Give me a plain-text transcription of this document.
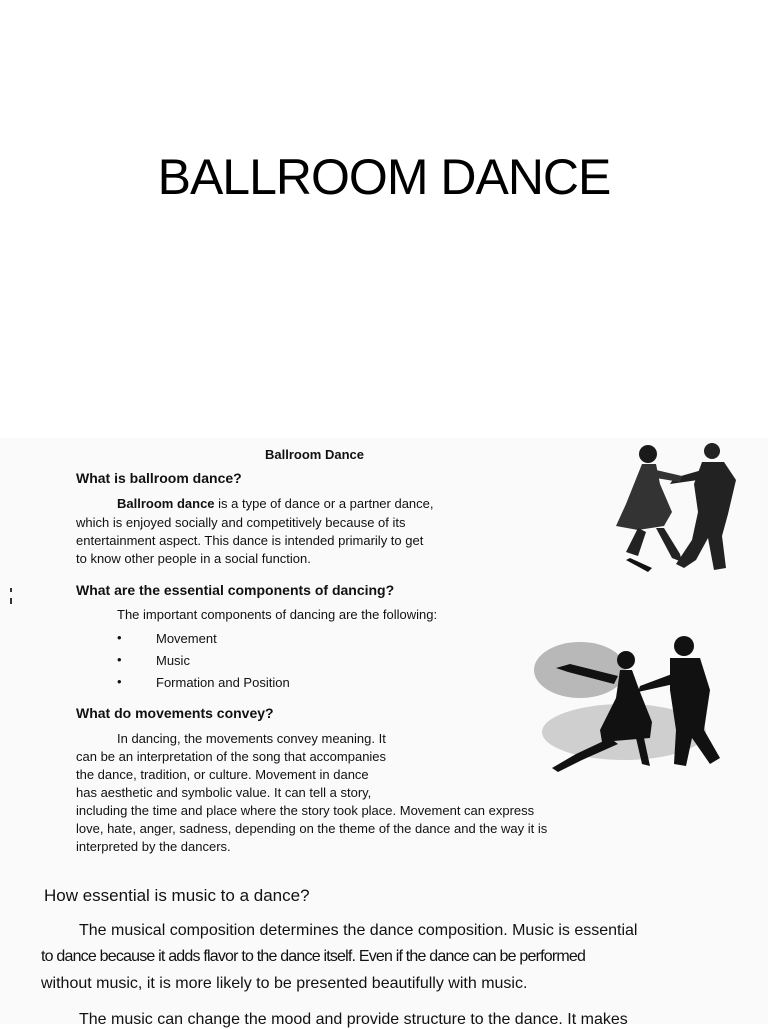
BALLROOM DANCE
Ballroom Dance
What is ballroom dance?
Ballroom dance is a type of dance or a partner dance,
which is enjoyed socially and competitively because of its
entertainment aspect. This dance is intended primarily to get
to know other people in a social function.
What are the essential components of dancing?
The important components of dancing are the following:
•	Movement
•	Music
•	Formation and Position
What do movements convey?
In dancing, the movements convey meaning. It
can be an interpretation of the song that accompanies
the dance, tradition, or culture. Movement in dance
has aesthetic and symbolic value. It can tell a story,
including the time and place where the story took place. Movement can express
love, hate, anger, sadness, depending on the theme of the dance and the way it is
interpreted by the dancers.
How essential is music to a dance?
The musical composition determines the dance composition. Music is essential
to dance because it adds flavor to the dance itself. Even if the dance can be performed
without music, it is more likely to be presented beautifully with music.
The music can change the mood and provide structure to the dance. It makes
